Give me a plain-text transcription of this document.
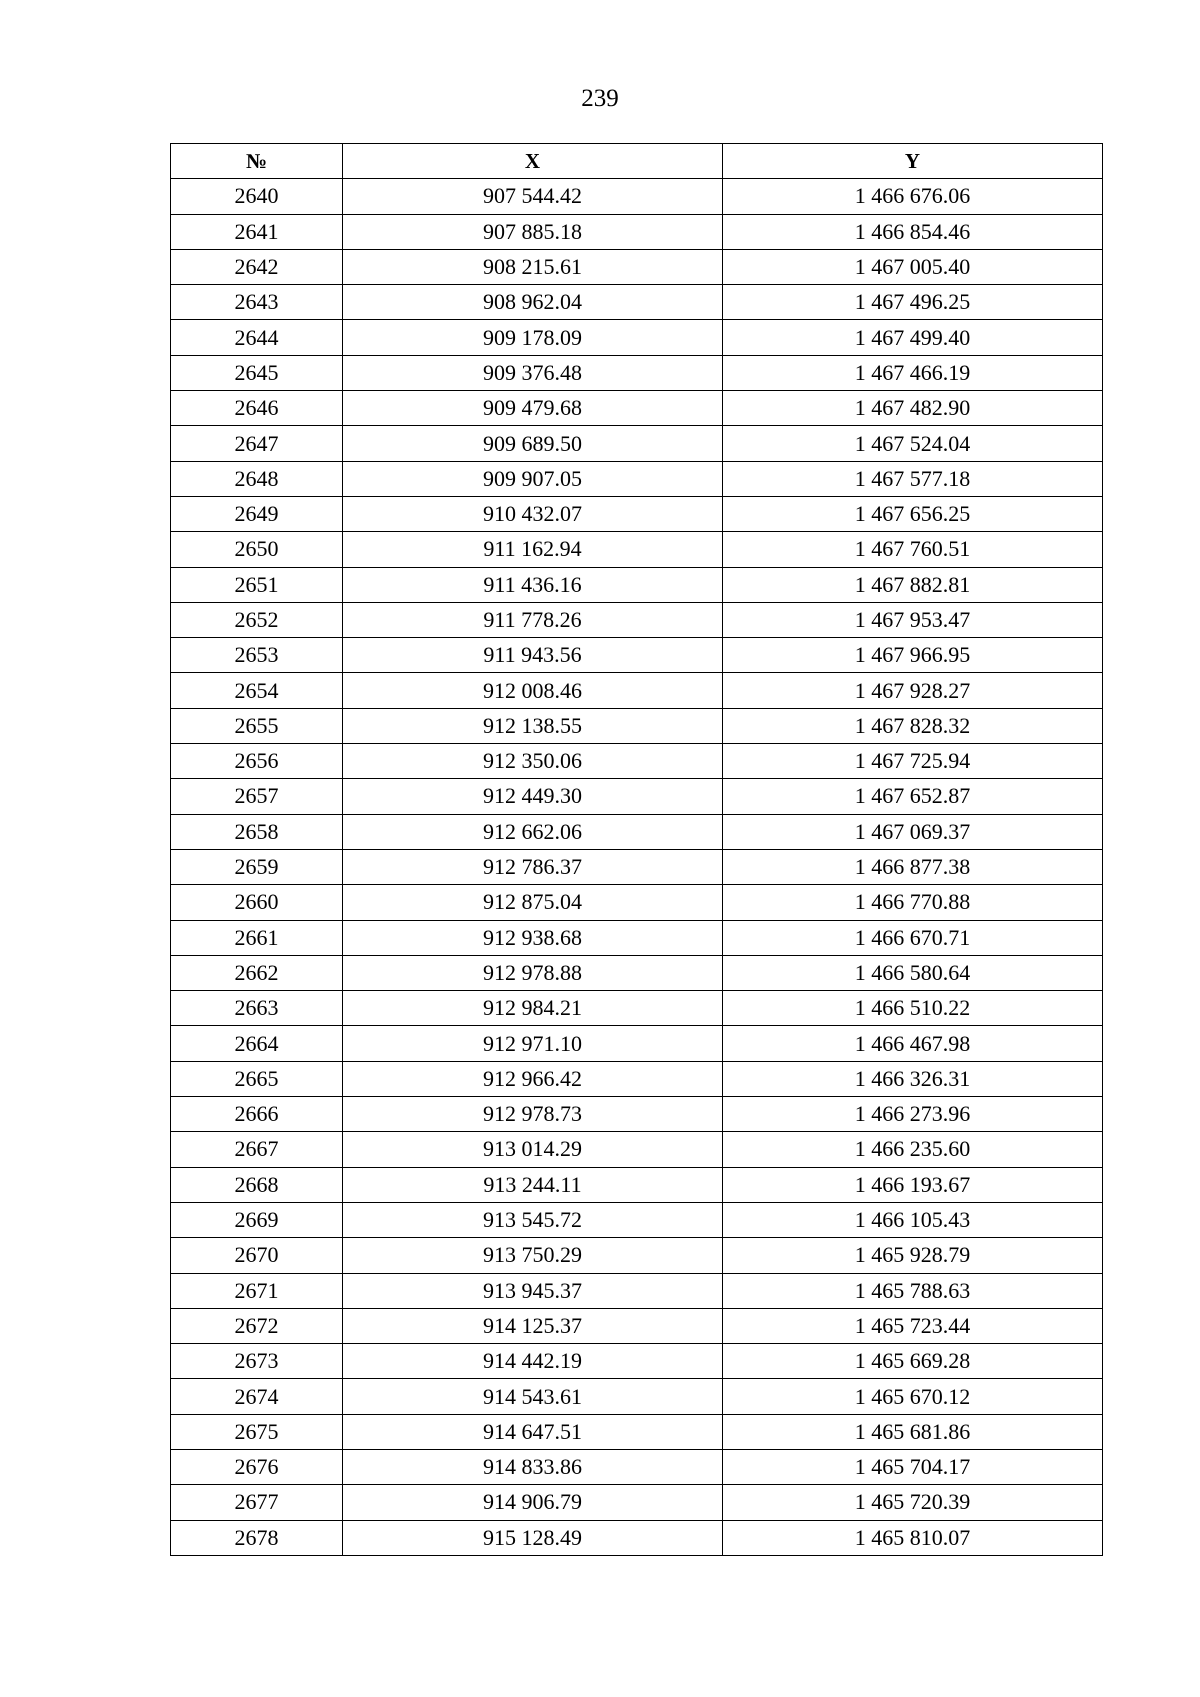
239
№	X	Y
2640	907 544.42	1 466 676.06
2641	907 885.18	1 466 854.46
2642	908 215.61	1 467 005.40
2643	908 962.04	1 467 496.25
2644	909 178.09	1 467 499.40
2645	909 376.48	1 467 466.19
2646	909 479.68	1 467 482.90
2647	909 689.50	1 467 524.04
2648	909 907.05	1 467 577.18
2649	910 432.07	1 467 656.25
2650	911 162.94	1 467 760.51
2651	911 436.16	1 467 882.81
2652	911 778.26	1 467 953.47
2653	911 943.56	1 467 966.95
2654	912 008.46	1 467 928.27
2655	912 138.55	1 467 828.32
2656	912 350.06	1 467 725.94
2657	912 449.30	1 467 652.87
2658	912 662.06	1 467 069.37
2659	912 786.37	1 466 877.38
2660	912 875.04	1 466 770.88
2661	912 938.68	1 466 670.71
2662	912 978.88	1 466 580.64
2663	912 984.21	1 466 510.22
2664	912 971.10	1 466 467.98
2665	912 966.42	1 466 326.31
2666	912 978.73	1 466 273.96
2667	913 014.29	1 466 235.60
2668	913 244.11	1 466 193.67
2669	913 545.72	1 466 105.43
2670	913 750.29	1 465 928.79
2671	913 945.37	1 465 788.63
2672	914 125.37	1 465 723.44
2673	914 442.19	1 465 669.28
2674	914 543.61	1 465 670.12
2675	914 647.51	1 465 681.86
2676	914 833.86	1 465 704.17
2677	914 906.79	1 465 720.39
2678	915 128.49	1 465 810.07
